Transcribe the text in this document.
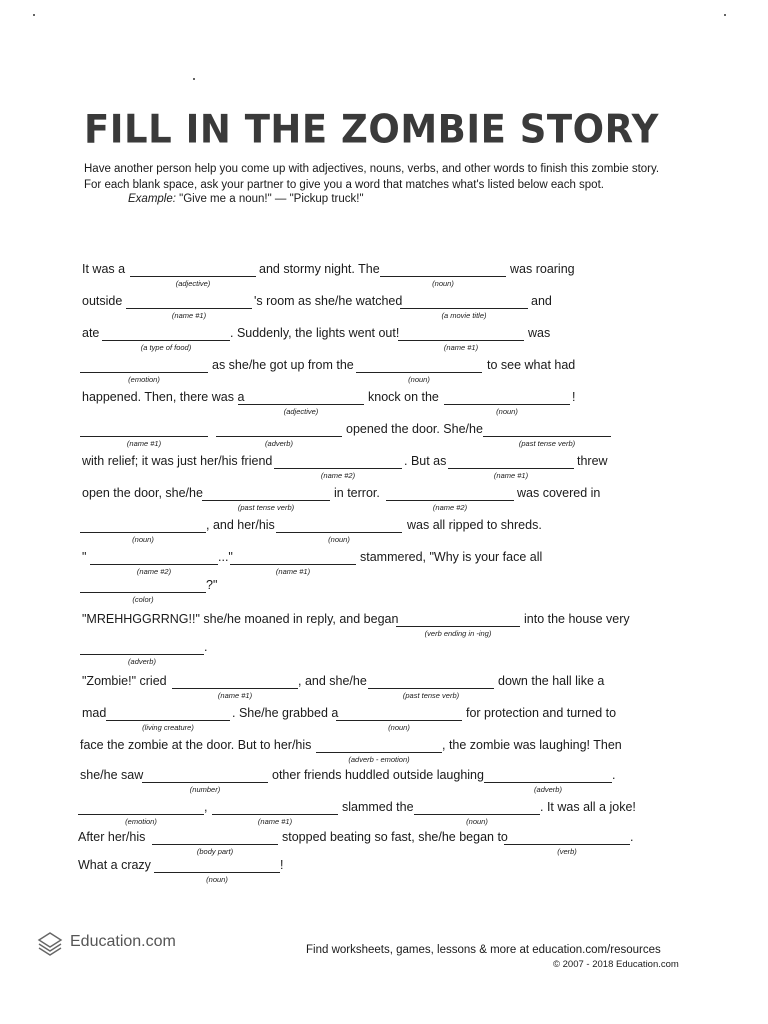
FILL IN THE ZOMBIE STORY

Have another person help you come up with adjectives, nouns, verbs, and other words to finish this zombie story.

For each blank space, ask your partner to give you a word that matches what's listed below each spot.

Example: "Give me a noun!" — "Pickup truck!"
It was a
(adjective)
and stormy night. The
(noun)
was roaring
outside
(name #1)
's room as she/he watched
(a movie title)
and
ate
(a type of food)
. Suddenly, the lights went out!
(name #1)
was
(emotion)
as she/he got up from the
(noun)
to see what had
happened. Then, there was a
(adjective)
knock on the
(noun)
!
(name #1)	(adverb)
opened the door. She/he
(past tense verb)
with relief; it was just her/his friend
(name #2)
. But as
(name #1)
threw
open the door, she/he
(past tense verb)
in terror.
(name #2)
was covered in
(noun)
, and her/his
(noun)
was all ripped to shreds.
"
(name #2)
..."
(name #1)
stammered, "Why is your face all
(color)
?"
"MREHHGGRRNG!!" she/he moaned in reply, and began
(verb ending in -ing)
into the house very
(adverb)
.
"Zombie!" cried
(name #1)
, and she/he
(past tense verb)
down the hall like a
mad
(living creature)
. She/he grabbed a
(noun)
for protection and turned to
face the zombie at the door. But to her/his
(adverb - emotion)
, the zombie was laughing! Then
she/he saw
(number)
other friends huddled outside laughing
(adverb)
.
(emotion)
,
(name #1)
slammed the
(noun)
. It was all a joke!
After her/his
(body part)
stopped beating so fast, she/he began to
(verb)
.
What a crazy
(noun)
!
Education.com	Find worksheets, games, lessons & more at education.com/resources
© 2007 - 2018 Education.com
